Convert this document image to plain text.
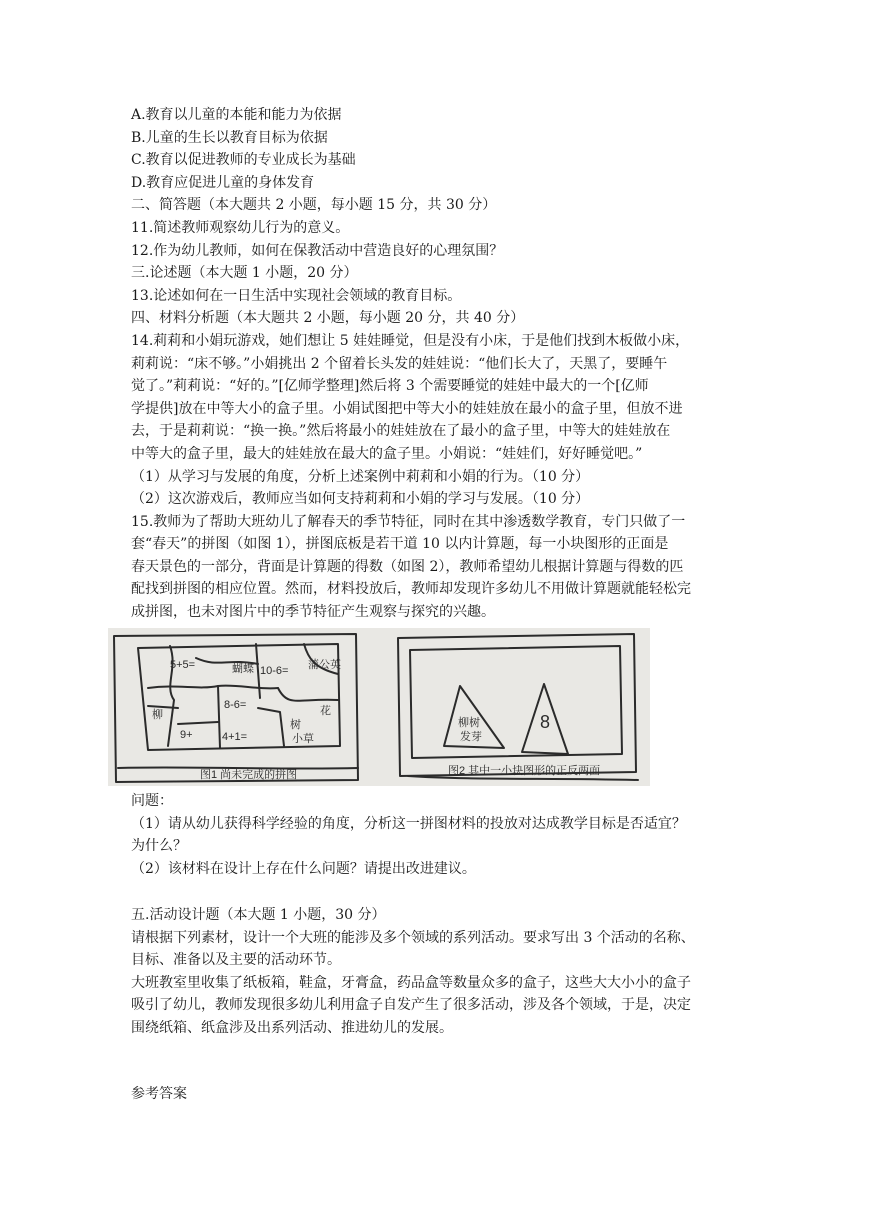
A.教育以儿童的本能和能力为依据

B.儿童的生长以教育目标为依据

C.教育以促进教师的专业成长为基础

D.教育应促进儿童的身体发育

二、简答题（本大题共 2 小题，每小题 15 分，共 30 分）

11.简述教师观察幼儿行为的意义。

12.作为幼儿教师，如何在保教活动中营造良好的心理氛围？

三.论述题（本大题 1 小题，20 分）

13.论述如何在一日生活中实现社会领域的教育目标。

四、材料分析题（本大题共 2 小题，每小题 20 分，共 40 分）

14.莉莉和小娟玩游戏，她们想让 5 娃娃睡觉，但是没有小床，于是他们找到木板做小床，

莉莉说：“床不够。”小娟挑出 2 个留着长头发的娃娃说：“他们长大了，天黑了，要睡午

觉了。”莉莉说：“好的。”[亿师学整理]然后将 3 个需要睡觉的娃娃中最大的一个[亿师

学提供]放在中等大小的盒子里。小娟试图把中等大小的娃娃放在最小的盒子里，但放不进

去，于是莉莉说：“换一换。”然后将最小的娃娃放在了最小的盒子里，中等大的娃娃放在

中等大的盒子里，最大的娃娃放在最大的盒子里。小娟说：“娃娃们，好好睡觉吧。”

（1）从学习与发展的角度，分析上述案例中莉莉和小娟的行为。（10 分）

（2）这次游戏后，教师应当如何支持莉莉和小娟的学习与发展。（10 分）

15.教师为了帮助大班幼儿了解春天的季节特征，同时在其中渗透数学教育，专门只做了一

套“春天”的拼图（如图 1），拼图底板是若干道 10 以内计算题，每一小块图形的正面是

春天景色的一部分，背面是计算题的得数（如图 2），教师希望幼儿根据计算题与得数的匹

配找到拼图的相应位置。然而，材料投放后，教师却发现许多幼儿不用做计算题就能轻松完

成拼图，也未对图片中的季节特征产生观察与探究的兴趣。

5+5=	蝴蝶 10-6= 蒲公英
8-6=
树
4+1=	小草
9+
柳	花
图1 尚未完成的拼图
柳树
发芽
8
图2 其中一小块图形的正反两面

问题：

（1）请从幼儿获得科学经验的角度，分析这一拼图材料的投放对达成教学目标是否适宜？

为什么？

（2）该材料在设计上存在什么问题？请提出改进建议。

五.活动设计题（本大题 1 小题，30 分）

请根据下列素材，设计一个大班的能涉及多个领域的系列活动。要求写出 3 个活动的名称、

目标、准备以及主要的活动环节。

大班教室里收集了纸板箱，鞋盒，牙膏盒，药品盒等数量众多的盒子，这些大大小小的盒子

吸引了幼儿，教师发现很多幼儿利用盒子自发产生了很多活动，涉及各个领域，于是，决定

围绕纸箱、纸盒涉及出系列活动、推进幼儿的发展。

参考答案
